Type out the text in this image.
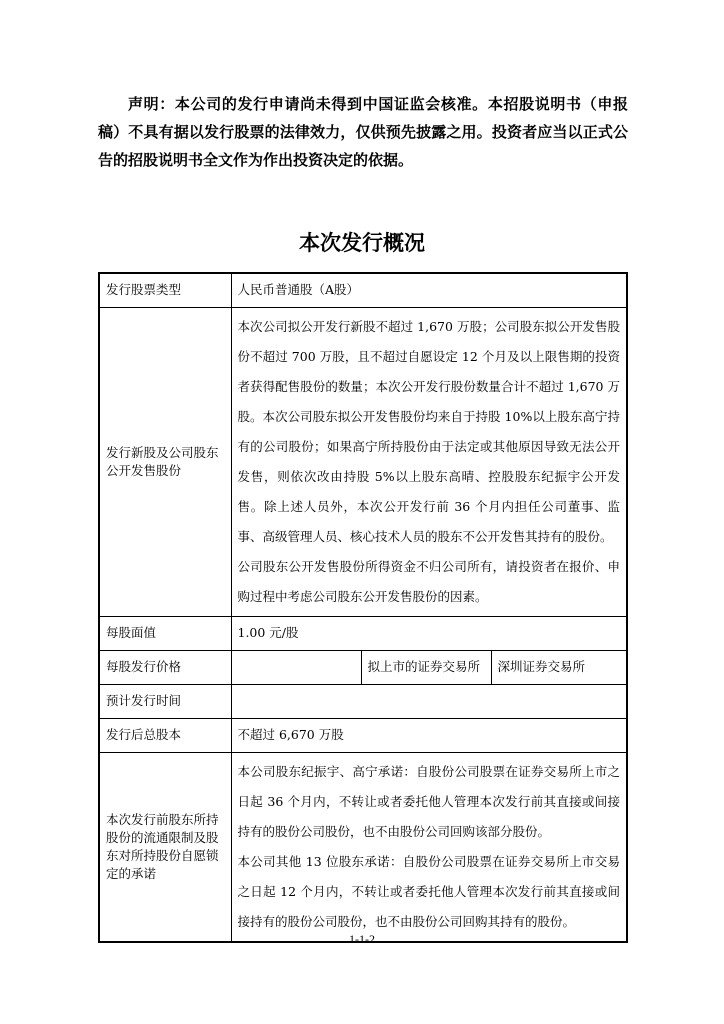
声明：本公司的发行申请尚未得到中国证监会核准。本招股说明书（申报稿）不具有据以发行股票的法律效力，仅供预先披露之用。投资者应当以正式公告的招股说明书全文作为作出投资决定的依据。

本次发行概况
发行股票类型	人民币普通股（A股）		
发行新股及公司股东公开发售股份	本次公司拟公开发行新股不超过 1,670 万股；公司股东拟公开发售股份不超过 700 万股，且不超过自愿设定 12 个月及以上限售期的投资者获得配售股份的数量；本次公开发行股份数量合计不超过 1,670 万股。本次公司股东拟公开发售股份均来自于持股 10%以上股东高宁持有的公司股份；如果高宁所持股份由于法定或其他原因导致无法公开发售，则依次改由持股 5%以上股东高晴、控股股东纪振宇公开发售。除上述人员外，本次公开发行前 36 个月内担任公司董事、监事、高级管理人员、核心技术人员的股东不公开发售其持有的股份。

公司股东公开发售股份所得资金不归公司所有，请投资者在报价、申购过程中考虑公司股东公开发售股份的因素。		

每股面值	1.00 元/股		
每股发行价格		拟上市的证券交易所	深圳证券交易所
预计发行时间			
发行后总股本	不超过 6,670 万股		
本次发行前股东所持股份的流通限制及股东对所持股份自愿锁定的承诺	本公司股东纪振宇、高宁承诺：自股份公司股票在证券交易所上市之日起 36 个月内，不转让或者委托他人管理本次发行前其直接或间接持有的股份公司股份，也不由股份公司回购该部分股份。

本公司其他 13 位股东承诺：自股份公司股票在证券交易所上市交易之日起 12 个月内，不转让或者委托他人管理本次发行前其直接或间接持有的股份公司股份，也不由股份公司回购其持有的股份。		

1-1-2
